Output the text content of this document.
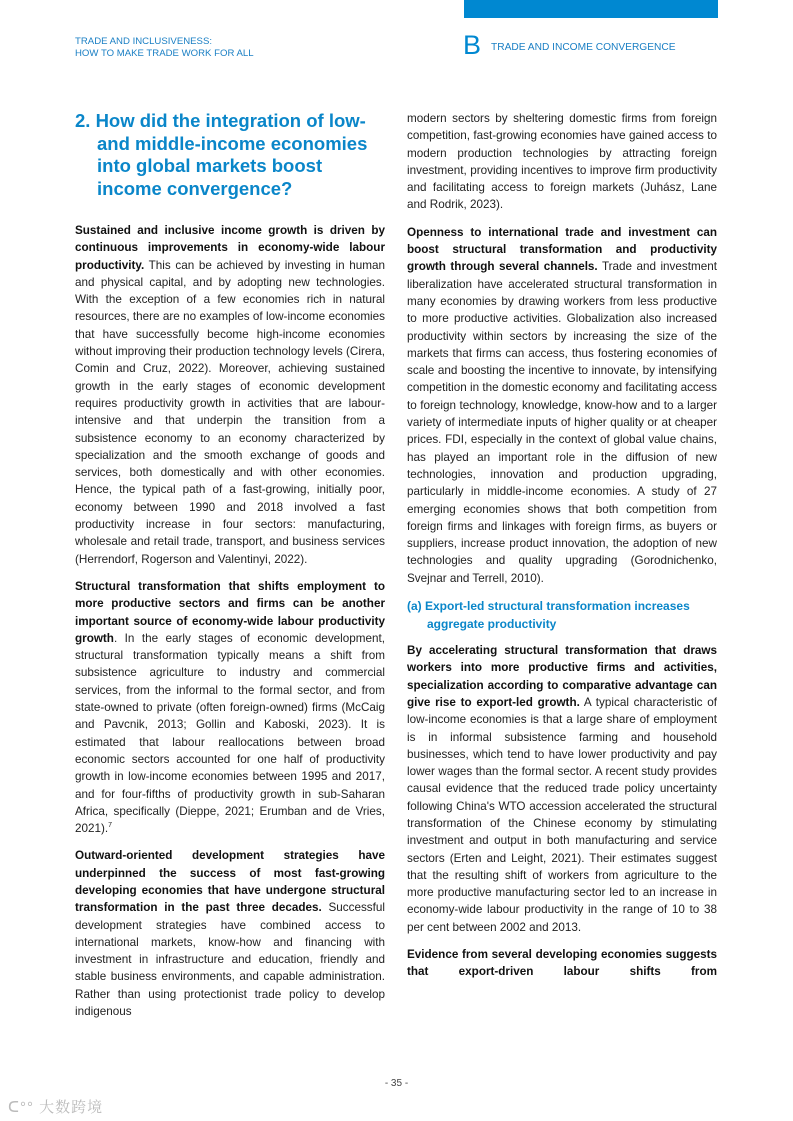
TRADE AND INCLUSIVENESS:
HOW TO MAKE TRADE WORK FOR ALL	B TRADE AND INCOME CONVERGENCE
2. How did the integration of low- and middle-income economies into global markets boost income convergence?

Sustained and inclusive income growth is driven by continuous improvements in economy-wide labour productivity. This can be achieved by investing in human and physical capital, and by adopting new technologies. With the exception of a few economies rich in natural resources, there are no examples of low-income economies that have successfully become high-income economies without improving their production technology levels (Cirera, Comin and Cruz, 2022). Moreover, achieving sustained growth in the early stages of economic development requires productivity growth in activities that are labour-intensive and that underpin the transition from a subsistence economy to an economy characterized by specialization and the smooth exchange of goods and services, both domestically and with other economies. Hence, the typical path of a fast-growing, initially poor, economy between 1990 and 2018 involved a fast productivity increase in four sectors: manufacturing, wholesale and retail trade, transport, and business services (Herrendorf, Rogerson and Valentinyi, 2022).

Structural transformation that shifts employment to more productive sectors and firms can be another important source of economy-wide labour productivity growth. In the early stages of economic development, structural transformation typically means a shift from subsistence agriculture to industry and commercial services, from the informal to the formal sector, and from state-owned to private (often foreign-owned) firms (McCaig and Pavcnik, 2013; Gollin and Kaboski, 2023). It is estimated that labour reallocations between broad economic sectors accounted for one half of productivity growth in low-income economies between 1995 and 2017, and for four-fifths of productivity growth in sub-Saharan Africa, specifically (Dieppe, 2021; Erumban and de Vries, 2021).$^7$

Outward-oriented development strategies have underpinned the success of most fast-growing developing economies that have undergone structural transformation in the past three decades. Successful development strategies have combined access to international markets, know-how and financing with investment in infrastructure and education, friendly and stable business environments, and capable administration. Rather than using protectionist trade policy to develop indigenous

modern sectors by sheltering domestic firms from foreign competition, fast-growing economies have gained access to modern production technologies by attracting foreign investment, providing incentives to improve firm productivity and facilitating access to foreign markets (Juhász, Lane and Rodrik, 2023).

Openness to international trade and investment can boost structural transformation and productivity growth through several channels. Trade and investment liberalization have accelerated structural transformation in many economies by drawing workers from less productive to more productive activities. Globalization also increased productivity within sectors by increasing the size of the markets that firms can access, thus fostering economies of scale and boosting the incentive to innovate, by intensifying competition in the domestic economy and facilitating access to foreign technology, knowledge, know-how and to a larger variety of intermediate inputs of higher quality or at cheaper prices. FDI, especially in the context of global value chains, has played an important role in the diffusion of new technologies, innovation and production upgrading, particularly in middle-income economies. A study of 27 emerging economies shows that both competition from foreign firms and linkages with foreign firms, as buyers or suppliers, increase product innovation, the adoption of new technologies and quality upgrading (Gorodnichenko, Svejnar and Terrell, 2010).

(a) Export-led structural transformation increases aggregate productivity

By accelerating structural transformation that draws workers into more productive firms and activities, specialization according to comparative advantage can give rise to export-led growth. A typical characteristic of low-income economies is that a large share of employment is in informal subsistence farming and household businesses, which tend to have lower productivity and pay lower wages than the formal sector. A recent study provides causal evidence that the reduced trade policy uncertainty following China's WTO accession accelerated the structural transformation of the Chinese economy by stimulating investment and output in both manufacturing and service sectors (Erten and Leight, 2021). Their estimates suggest that the resulting shift of workers from agriculture to the more productive manufacturing sector led to an increase in economy-wide labour productivity in the range of 10 to 38 per cent between 2002 and 2013.

Evidence from several developing economies suggests that export-driven labour shifts from

- 35 -
ᑕ°° 大数跨境
